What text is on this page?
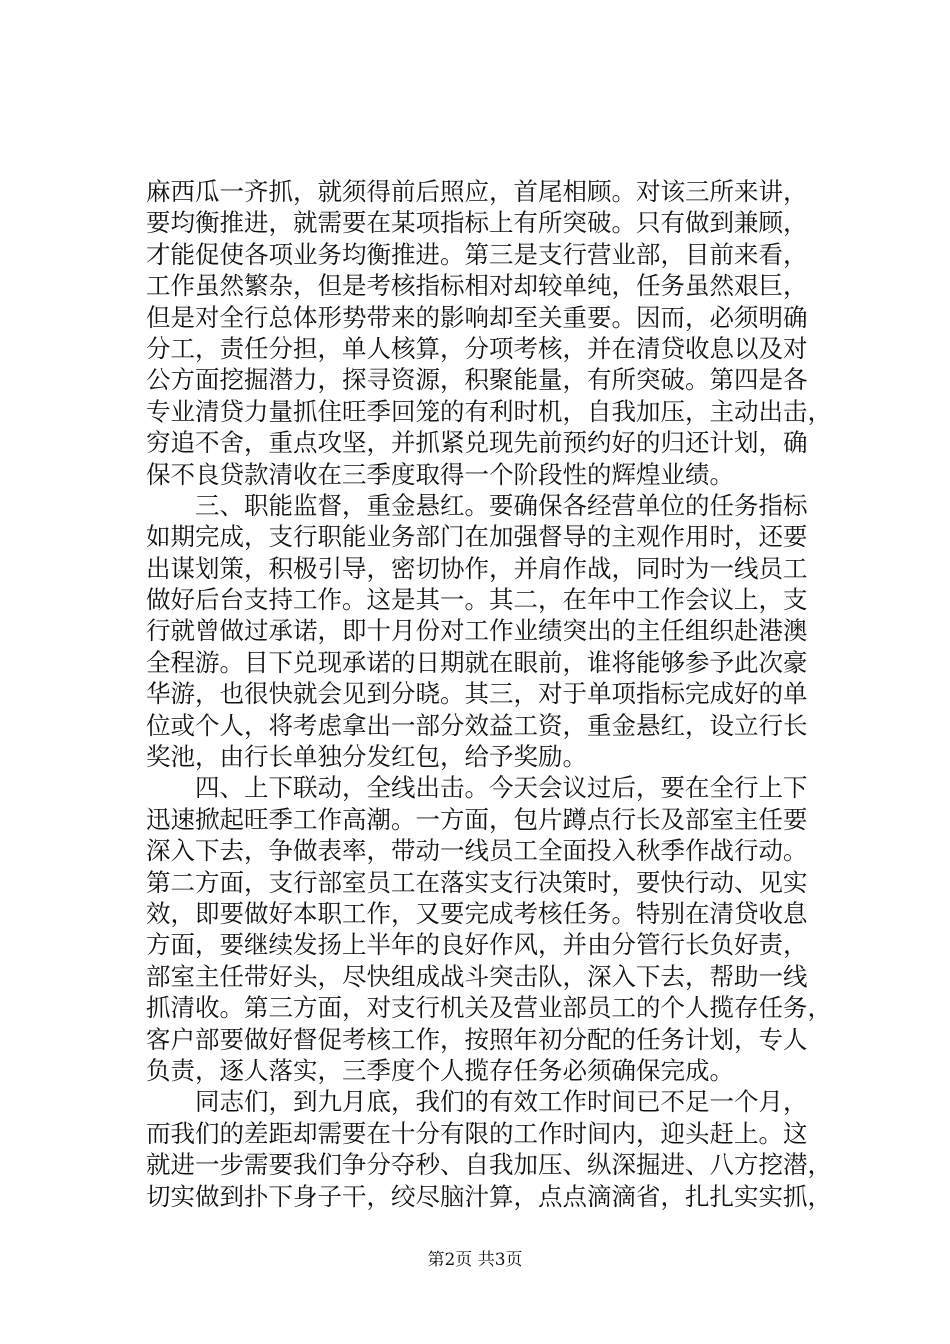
麻西瓜一齐抓，就须得前后照应，首尾相顾。对该三所来讲，
要均衡推进，就需要在某项指标上有所突破。只有做到兼顾，
才能促使各项业务均衡推进。第三是支行营业部，目前来看，
工作虽然繁杂，但是考核指标相对却较单纯，任务虽然艰巨，
但是对全行总体形势带来的影响却至关重要。因而，必须明确
分工，责任分担，单人核算，分项考核，并在清贷收息以及对
公方面挖掘潜力，探寻资源，积聚能量，有所突破。第四是各
专业清贷力量抓住旺季回笼的有利时机，自我加压，主动出击，
穷追不舍，重点攻坚，并抓紧兑现先前预约好的归还计划，确
保不良贷款清收在三季度取得一个阶段性的辉煌业绩。
　　三、职能监督，重金悬红。要确保各经营单位的任务指标
如期完成，支行职能业务部门在加强督导的主观作用时，还要
出谋划策，积极引导，密切协作，并肩作战，同时为一线员工
做好后台支持工作。这是其一。其二，在年中工作会议上，支
行就曾做过承诺，即十月份对工作业绩突出的主任组织赴港澳
全程游。目下兑现承诺的日期就在眼前，谁将能够参予此次豪
华游，也很快就会见到分晓。其三，对于单项指标完成好的单
位或个人，将考虑拿出一部分效益工资，重金悬红，设立行长
奖池，由行长单独分发红包，给予奖励。
　　四、上下联动，全线出击。今天会议过后，要在全行上下
迅速掀起旺季工作高潮。一方面，包片蹲点行长及部室主任要
深入下去，争做表率，带动一线员工全面投入秋季作战行动。
第二方面，支行部室员工在落实支行决策时，要快行动、见实
效，即要做好本职工作，又要完成考核任务。特别在清贷收息
方面，要继续发扬上半年的良好作风，并由分管行长负好责，
部室主任带好头，尽快组成战斗突击队，深入下去，帮助一线
抓清收。第三方面，对支行机关及营业部员工的个人揽存任务，
客户部要做好督促考核工作，按照年初分配的任务计划，专人
负责，逐人落实，三季度个人揽存任务必须确保完成。
　　同志们，到九月底，我们的有效工作时间已不足一个月，
而我们的差距却需要在十分有限的工作时间内，迎头赶上。这
就进一步需要我们争分夺秒、自我加压、纵深掘进、八方挖潜，
切实做到扑下身子干，绞尽脑汁算，点点滴滴省，扎扎实实抓，
第2页 共3页
